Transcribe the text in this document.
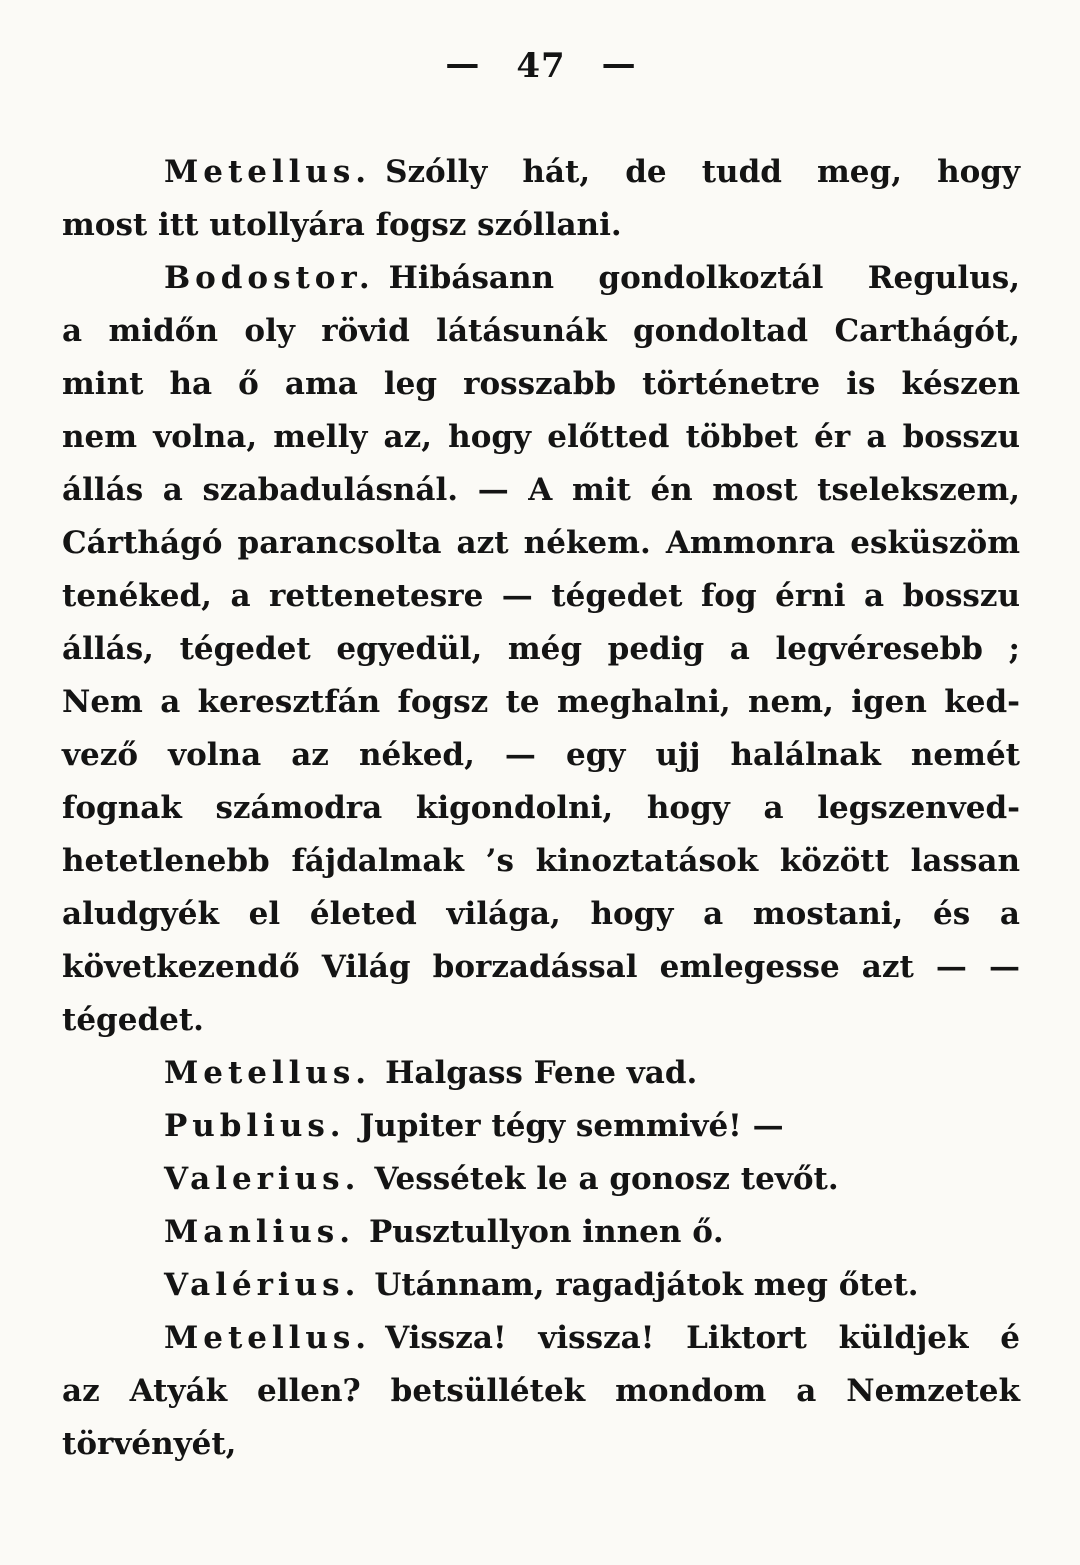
— 47 —
Metellus. Szólly hát, de tudd meg, hogy
most itt utollyára fogsz szóllani.
Bodostor. Hibásann gondolkoztál Regulus,
a midőn oly rövid látásunák gondoltad Carthágót,
mint ha ő ama leg rosszabb történetre is készen
nem volna, melly az, hogy előtted többet ér a bosszu
állás a szabadulásnál. — A mit én most tselekszem,
Cárthágó parancsolta azt nékem. Ammonra esküszöm
tenéked, a rettenetesre — tégedet fog érni a bosszu
állás, tégedet egyedül, még pedig a legvéresebb ;
Nem a keresztfán fogsz te meghalni, nem, igen ked-
vező volna az néked, — egy ujj halálnak nemét
fognak számodra kigondolni, hogy a legszenved-
hetetlenebb fájdalmak ’s kinoztatások között lassan
aludgyék el életed világa, hogy a mostani, és a
következendő Világ borzadással emlegesse azt — —
tégedet.
Metellus. Halgass Fene vad.
Publius. Jupiter tégy semmivé! —
Valerius. Vessétek le a gonosz tevőt.
Manlius. Pusztullyon innen ő.
Valérius. Utánnam, ragadjátok meg őtet.
Metellus. Vissza! vissza! Liktort küldjek é
az Atyák ellen? betsüllétek mondom a Nemzetek
törvényét,
